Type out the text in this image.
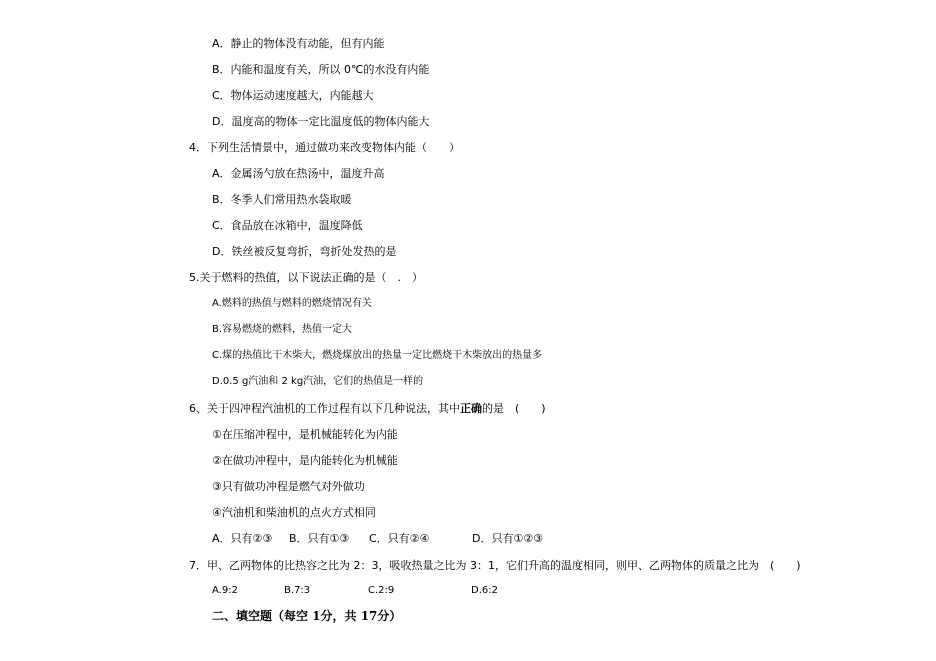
A．静止的物体没有动能，但有内能
B．内能和温度有关，所以 0℃的水没有内能
C．物体运动速度越大，内能越大
D．温度高的物体一定比温度低的物体内能大
4．下列生活情景中，通过做功来改变物体内能（　　）
A．金属汤勺放在热汤中，温度升高
B．冬季人们常用热水袋取暖
C．食品放在冰箱中，温度降低
D．铁丝被反复弯折，弯折处发热的是
5.关于燃料的热值，以下说法正确的是（　.　）
A.燃料的热值与燃料的燃烧情况有关
B.容易燃烧的燃料，热值一定大
C.煤的热值比干木柴大，燃烧煤放出的热量一定比燃烧干木柴放出的热量多
D.0.5 g汽油和 2 kg汽油，它们的热值是一样的
6、关于四冲程汽油机的工作过程有以下几种说法，其中正确的是　(　　)
①在压缩冲程中，是机械能转化为内能
②在做功冲程中，是内能转化为机械能
③只有做功冲程是燃气对外做功
④汽油机和柴油机的点火方式相同
A．只有②③ B．只有①③ C．只有②④	D．只有①②③
7．甲、乙两物体的比热容之比为 2：3，吸收热量之比为 3：1，它们升高的温度相同，则甲、乙两物体的质量之比为　(　　)
A.9:2	B.7:3	C.2:9	D.6:2
二、填空题（每空 1分，共 17分）
